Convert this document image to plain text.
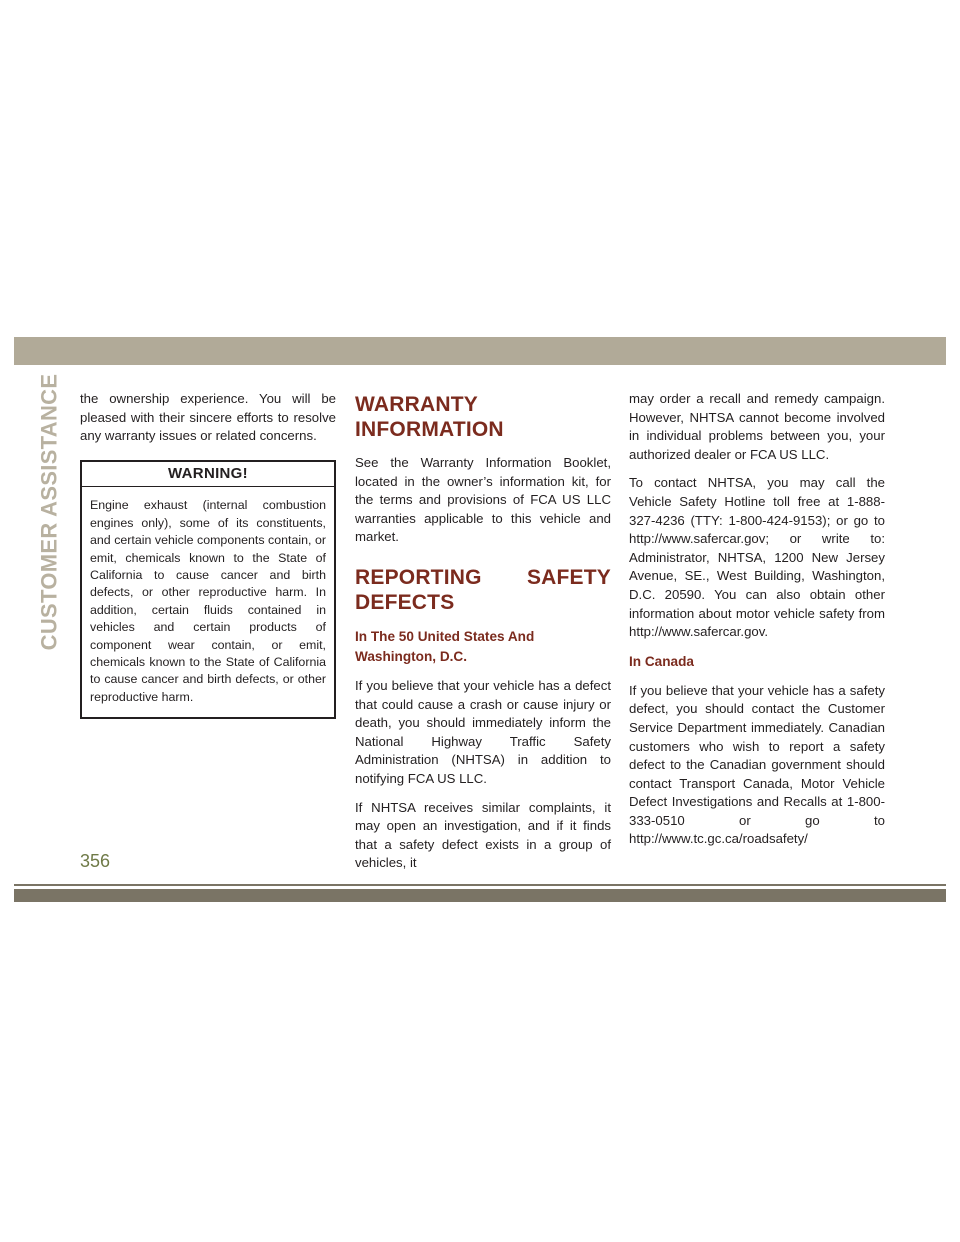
CUSTOMER ASSISTANCE the ownership experience. You will be pleased with their sincere efforts to resolve any warranty issues or related concerns.

WARNING!
Engine exhaust (internal combustion engines only), some of its constituents, and certain vehicle components contain, or emit, chemicals known to the State of California to cause cancer and birth defects, or other reproductive harm. In addition, certain fluids contained in vehicles and certain products of component wear contain, or emit, chemicals known to the State of California to cause cancer and birth defects, or other reproductive harm.
WARRANTY INFORMATION

See the Warranty Information Booklet, located in the owner’s information kit, for the terms and provisions of FCA US LLC warranties applicable to this vehicle and market.

REPORTING SAFETY DEFECTS
In The 50 United States And Washington, D.C.

If you believe that your vehicle has a defect that could cause a crash or cause injury or death, you should immediately inform the National Highway Traffic Safety Administration (NHTSA) in addition to notifying FCA US LLC.

If NHTSA receives similar complaints, it may open an investigation, and if it finds that a safety defect exists in a group of vehicles, it

may order a recall and remedy campaign. However, NHTSA cannot become involved in individual problems between you, your authorized dealer or FCA US LLC.

To contact NHTSA, you may call the Vehicle Safety Hotline toll free at 1-888-327-4236 (TTY: 1-800-424-9153); or go to http://www.safercar.gov; or write to: Administrator, NHTSA, 1200 New Jersey Avenue, SE., West Building, Washington, D.C. 20590. You can also obtain other information about motor vehicle safety from http://www.safercar.gov.

In Canada

If you believe that your vehicle has a safety defect, you should contact the Customer Service Department immediately. Canadian customers who wish to report a safety defect to the Canadian government should contact Transport Canada, Motor Vehicle Defect Investigations and Recalls at 1-800-333-0510 or go to http://www.tc.gc.ca/roadsafety/

356
